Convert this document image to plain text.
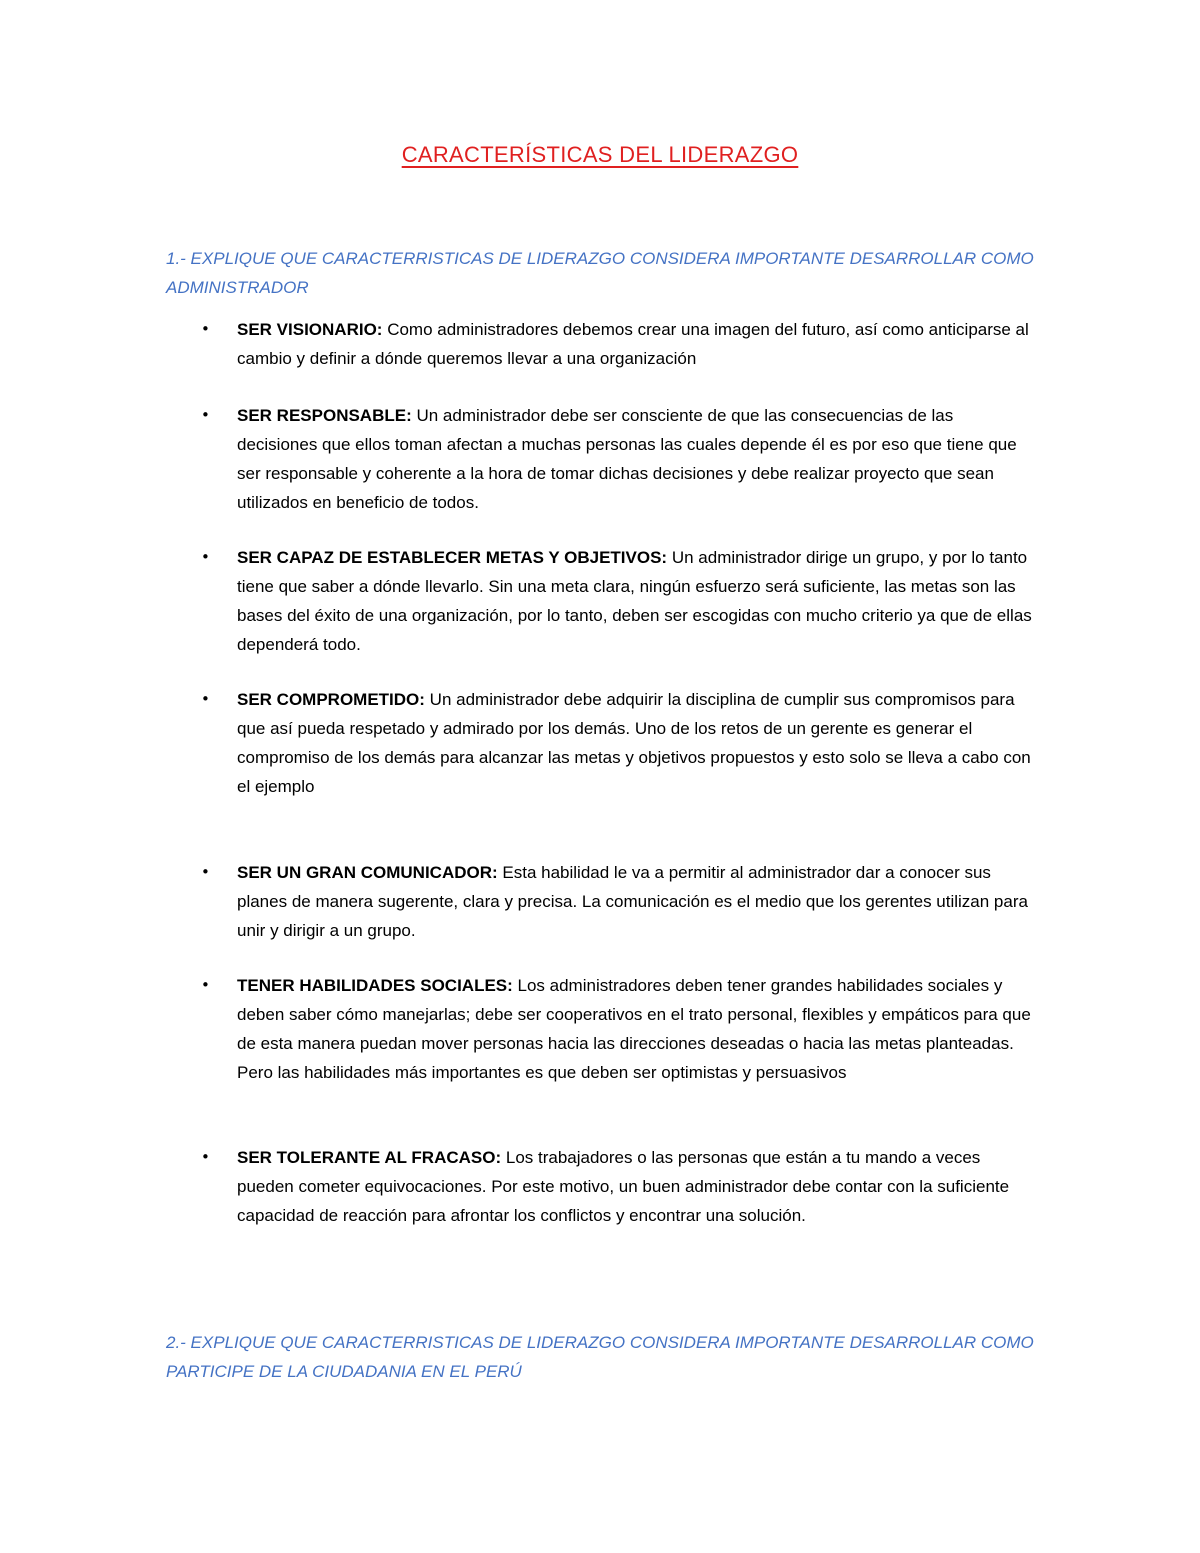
CARACTERÍSTICAS DEL LIDERAZGO
1.- EXPLIQUE QUE CARACTERRISTICAS DE LIDERAZGO CONSIDERA IMPORTANTE DESARROLLAR COMO ADMINISTRADOR
• SER VISIONARIO: Como administradores debemos crear una imagen del futuro, así como anticiparse al cambio y definir a dónde queremos llevar a una organización
• SER RESPONSABLE: Un administrador debe ser consciente de que las consecuencias de las decisiones que ellos toman afectan a muchas personas las cuales depende él es por eso que tiene que ser responsable y coherente a la hora de tomar dichas decisiones y debe realizar proyecto que sean utilizados en beneficio de todos.
• SER CAPAZ DE ESTABLECER METAS Y OBJETIVOS: Un administrador dirige un grupo, y por lo tanto tiene que saber a dónde llevarlo. Sin una meta clara, ningún esfuerzo será suficiente, las metas son las bases del éxito de una organización, por lo tanto, deben ser escogidas con mucho criterio ya que de ellas dependerá todo.
• SER COMPROMETIDO: Un administrador debe adquirir la disciplina de cumplir sus compromisos para que así pueda respetado y admirado por los demás. Uno de los retos de un gerente es generar el compromiso de los demás para alcanzar las metas y objetivos propuestos y esto solo se lleva a cabo con el ejemplo
• SER UN GRAN COMUNICADOR: Esta habilidad le va a permitir al administrador dar a conocer sus planes de manera sugerente, clara y precisa. La comunicación es el medio que los gerentes utilizan para unir y dirigir a un grupo.
• TENER HABILIDADES SOCIALES: Los administradores deben tener grandes habilidades sociales y deben saber cómo manejarlas; debe ser cooperativos en el trato personal, flexibles y empáticos para que de esta manera puedan mover personas hacia las direcciones deseadas o hacia las metas planteadas. Pero las habilidades más importantes es que deben ser optimistas y persuasivos
• SER TOLERANTE AL FRACASO: Los trabajadores o las personas que están a tu mando a veces pueden cometer equivocaciones. Por este motivo, un buen administrador debe contar con la suficiente capacidad de reacción para afrontar los conflictos y encontrar una solución.
2.- EXPLIQUE QUE CARACTERRISTICAS DE LIDERAZGO CONSIDERA IMPORTANTE DESARROLLAR COMO PARTICIPE DE LA CIUDADANIA EN EL PERÚ
